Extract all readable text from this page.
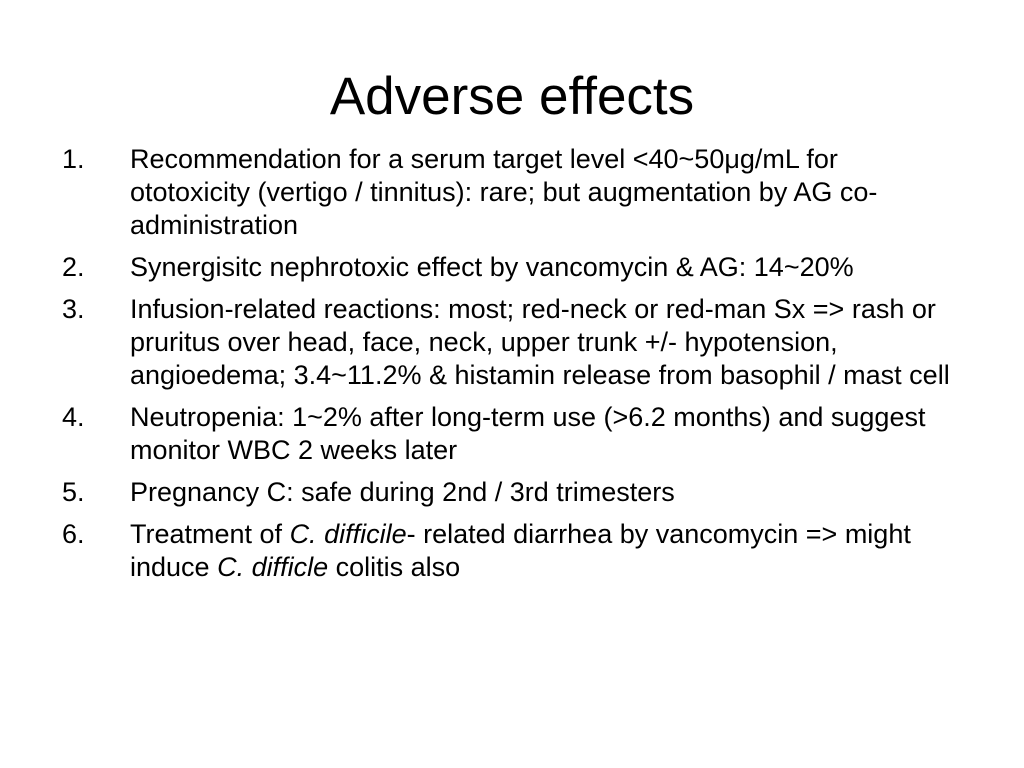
Adverse effects
1.	Recommendation for a serum target level <40~50μg/mL for ototoxicity (vertigo / tinnitus): rare; but augmentation by AG co-administration
2.	Synergisitc nephrotoxic effect by vancomycin & AG: 14~20%
3.	Infusion-related reactions: most; red-neck or red-man Sx => rash or pruritus over head, face, neck, upper trunk +/- hypotension, angioedema; 3.4~11.2% & histamin release from basophil / mast cell
4.	Neutropenia: 1~2% after long-term use (>6.2 months) and suggest monitor WBC 2 weeks later
5.	Pregnancy C: safe during 2nd / 3rd trimesters
6.	Treatment of C. difficile- related diarrhea by vancomycin => might induce C. difficle colitis also
